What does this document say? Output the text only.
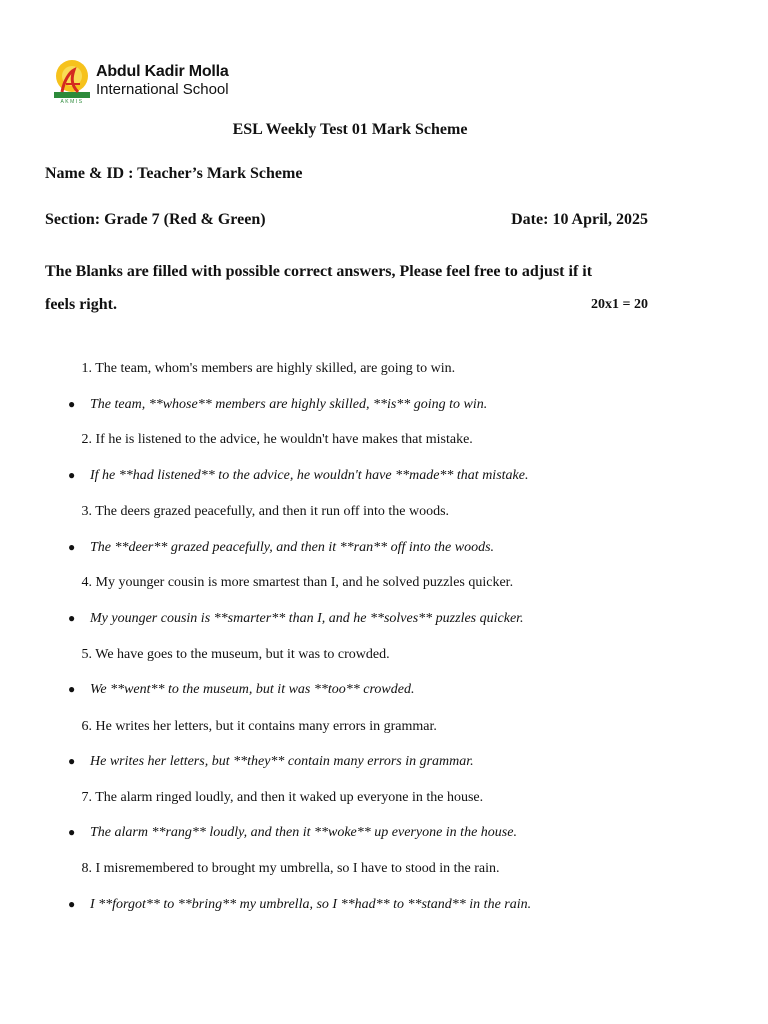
AKMIS
Abdul Kadir Molla
International School
ESL Weekly Test 01 Mark Scheme
Name & ID : Teacher’s Mark Scheme
Section: Grade 7 (Red & Green)	Date: 10 April, 2025
The Blanks are filled with possible correct answers, Please feel free to adjust if it
feels right.	20x1 = 20
1. The team, whom's members are highly skilled, are going to win.
● The team, **whose** members are highly skilled, **is** going to win.
2. If he is listened to the advice, he wouldn't have makes that mistake.
● If he **had listened** to the advice, he wouldn't have **made** that mistake.
3. The deers grazed peacefully, and then it run off into the woods.
● The **deer** grazed peacefully, and then it **ran** off into the woods.
4. My younger cousin is more smartest than I, and he solved puzzles quicker.
● My younger cousin is **smarter** than I, and he **solves** puzzles quicker.
5. We have goes to the museum, but it was to crowded.
● We **went** to the museum, but it was **too** crowded.
6. He writes her letters, but it contains many errors in grammar.
● He writes her letters, but **they** contain many errors in grammar.
7. The alarm ringed loudly, and then it waked up everyone in the house.
● The alarm **rang** loudly, and then it **woke** up everyone in the house.
8. I misremembered to brought my umbrella, so I have to stood in the rain.
● I **forgot** to **bring** my umbrella, so I **had** to **stand** in the rain.
